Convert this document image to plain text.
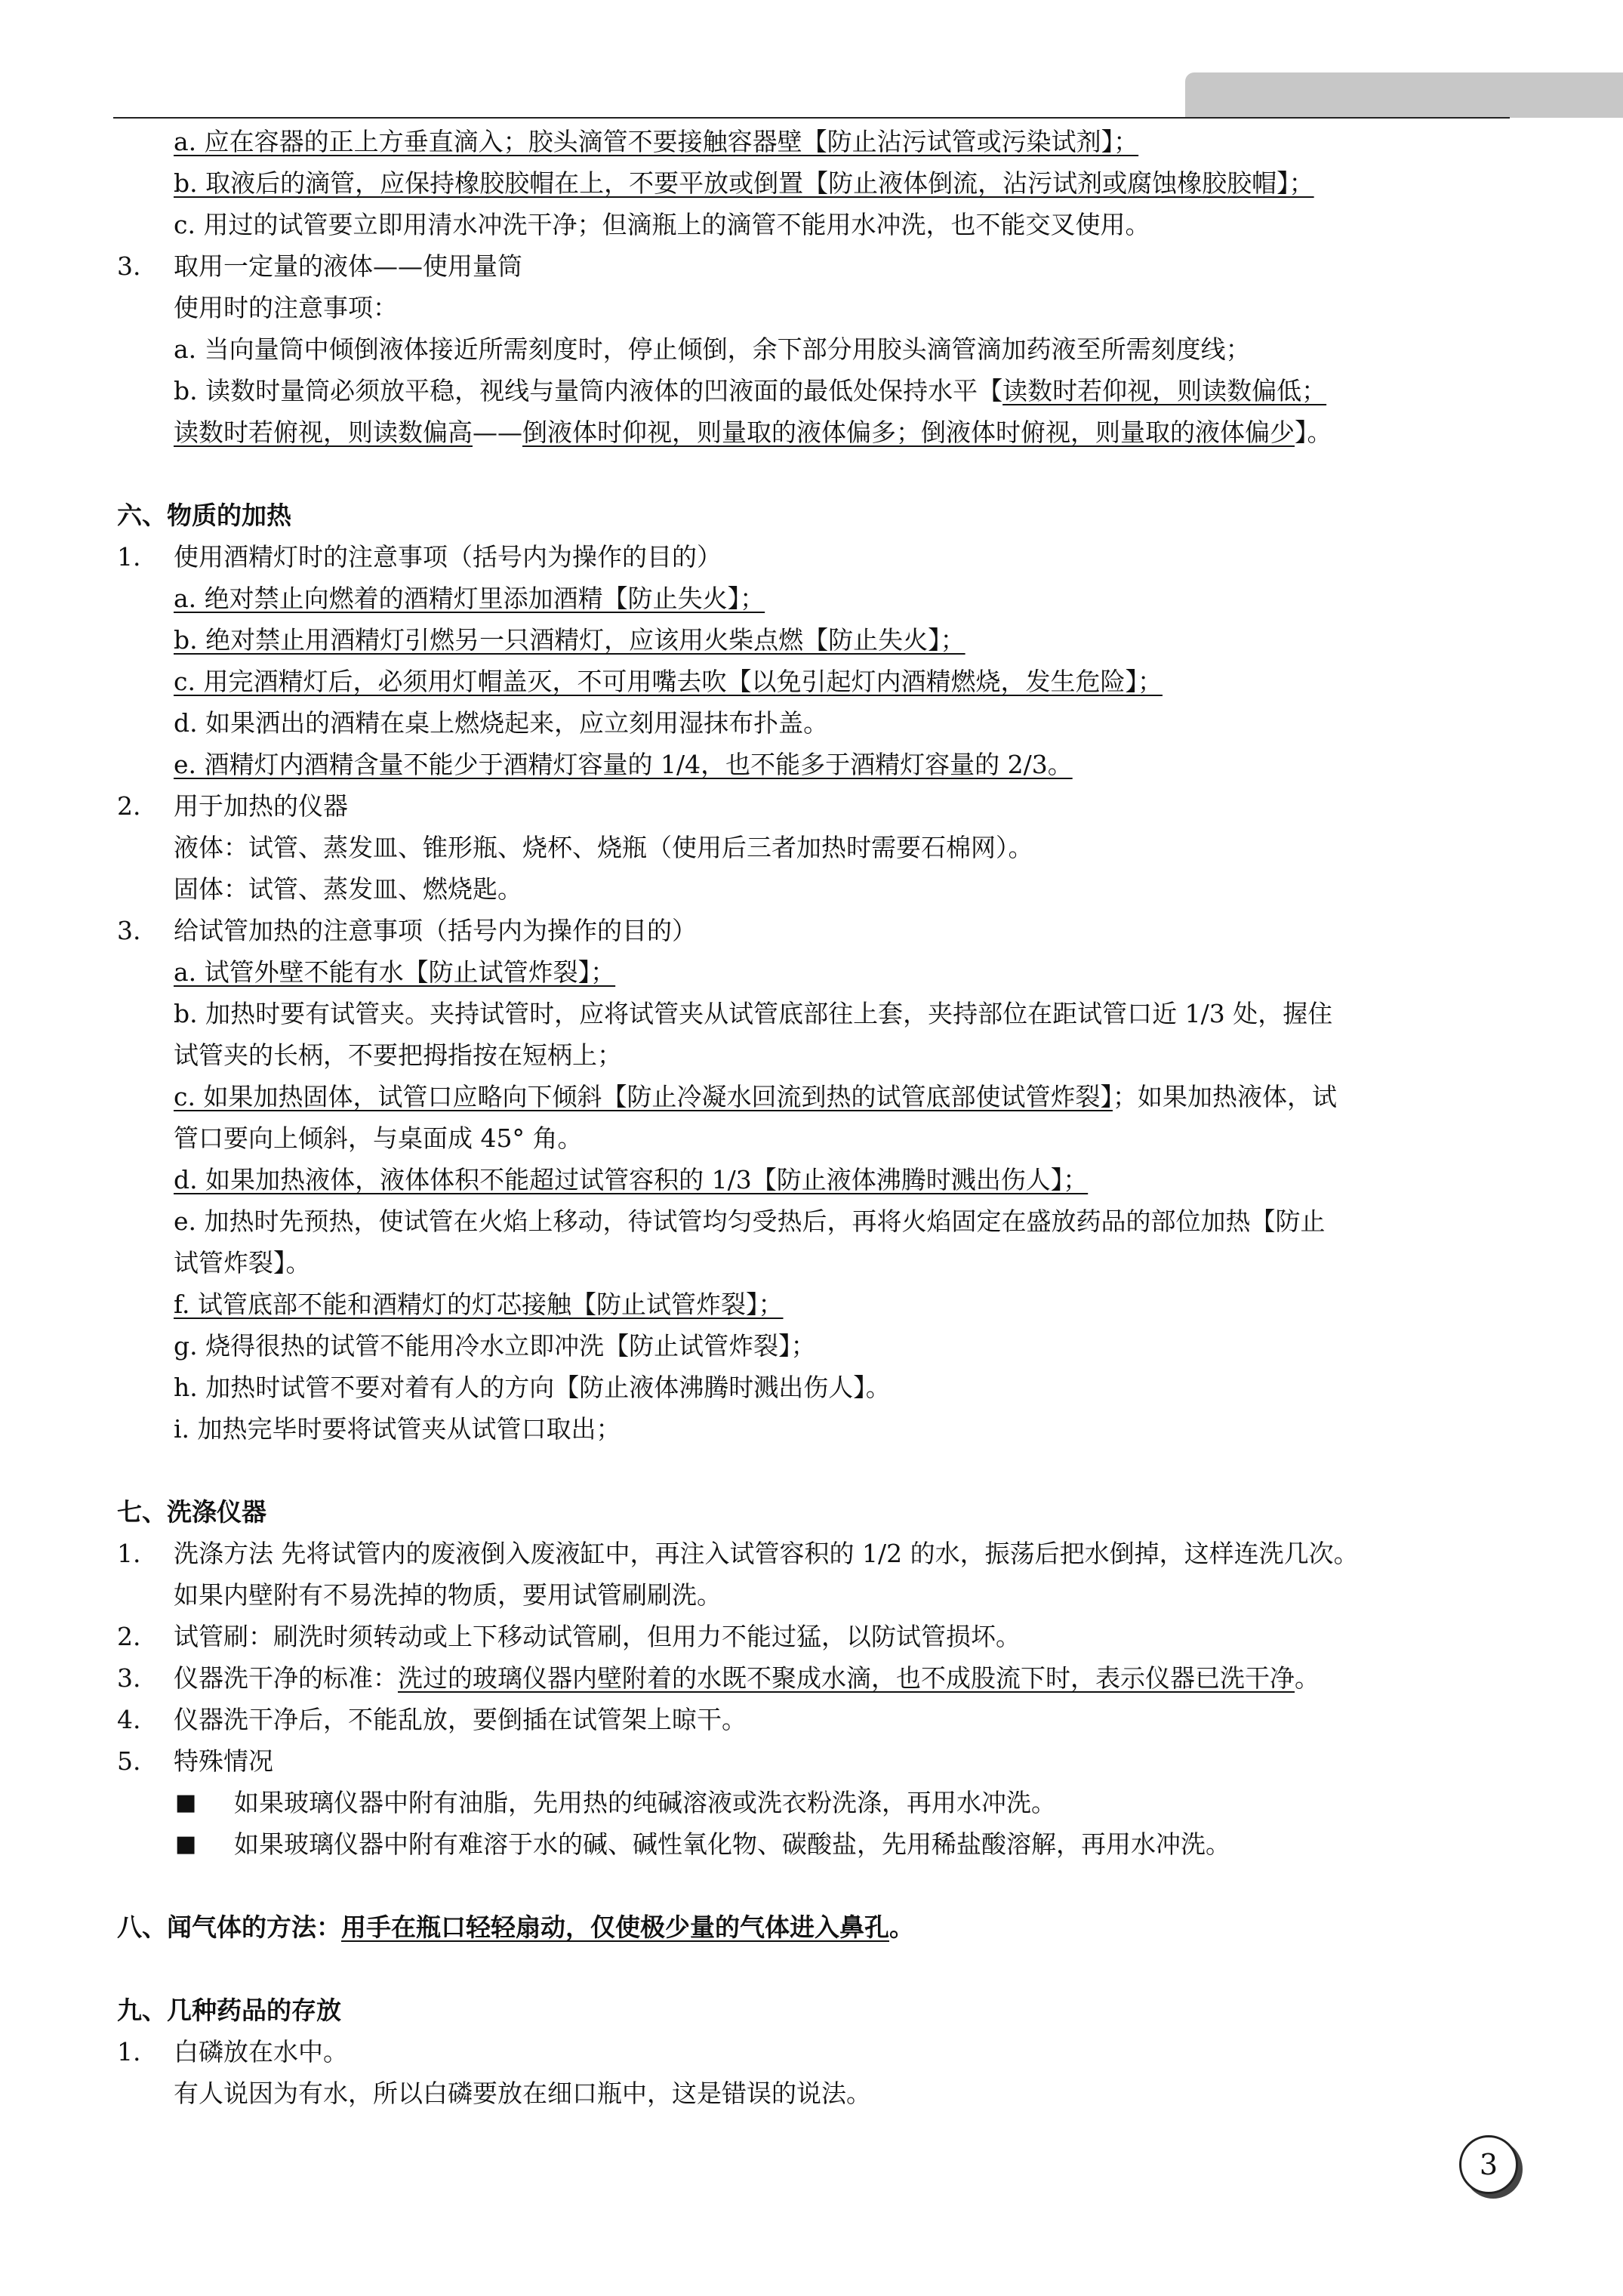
a. 应在容器的正上方垂直滴入；胶头滴管不要接触容器壁【防止沾污试管或污染试剂】；
b. 取液后的滴管，应保持橡胶胶帽在上，不要平放或倒置【防止液体倒流，沾污试剂或腐蚀橡胶胶帽】；
c. 用过的试管要立即用清水冲洗干净；但滴瓶上的滴管不能用水冲洗，也不能交叉使用。
3. 取用一定量的液体——使用量筒
使用时的注意事项：
a. 当向量筒中倾倒液体接近所需刻度时，停止倾倒，余下部分用胶头滴管滴加药液至所需刻度线；
b. 读数时量筒必须放平稳，视线与量筒内液体的凹液面的最低处保持水平【读数时若仰视，则读数偏低；
读数时若俯视，则读数偏高——倒液体时仰视，则量取的液体偏多；倒液体时俯视，则量取的液体偏少】。
六、物质的加热
1. 使用酒精灯时的注意事项（括号内为操作的目的）
a. 绝对禁止向燃着的酒精灯里添加酒精【防止失火】；
b. 绝对禁止用酒精灯引燃另一只酒精灯，应该用火柴点燃【防止失火】；
c. 用完酒精灯后，必须用灯帽盖灭，不可用嘴去吹【以免引起灯内酒精燃烧，发生危险】；
d. 如果洒出的酒精在桌上燃烧起来，应立刻用湿抹布扑盖。
e. 酒精灯内酒精含量不能少于酒精灯容量的 1/4，也不能多于酒精灯容量的 2/3。
2. 用于加热的仪器
液体：试管、蒸发皿、锥形瓶、烧杯、烧瓶（使用后三者加热时需要石棉网）。
固体：试管、蒸发皿、燃烧匙。
3. 给试管加热的注意事项（括号内为操作的目的）
a. 试管外壁不能有水【防止试管炸裂】；
b. 加热时要有试管夹。夹持试管时，应将试管夹从试管底部往上套，夹持部位在距试管口近 1/3 处，握住
试管夹的长柄，不要把拇指按在短柄上；
c. 如果加热固体，试管口应略向下倾斜【防止冷凝水回流到热的试管底部使试管炸裂】；如果加热液体，试
管口要向上倾斜，与桌面成 45° 角。
d. 如果加热液体，液体体积不能超过试管容积的 1/3【防止液体沸腾时溅出伤人】；
e. 加热时先预热，使试管在火焰上移动，待试管均匀受热后，再将火焰固定在盛放药品的部位加热【防止
试管炸裂】。
f. 试管底部不能和酒精灯的灯芯接触【防止试管炸裂】；
g. 烧得很热的试管不能用冷水立即冲洗【防止试管炸裂】；
h. 加热时试管不要对着有人的方向【防止液体沸腾时溅出伤人】。
i. 加热完毕时要将试管夹从试管口取出；
七、洗涤仪器
1. 洗涤方法 先将试管内的废液倒入废液缸中，再注入试管容积的 1/2 的水，振荡后把水倒掉，这样连洗几次。
如果内壁附有不易洗掉的物质，要用试管刷刷洗。
2. 试管刷：刷洗时须转动或上下移动试管刷，但用力不能过猛，以防试管损坏。
3. 仪器洗干净的标准：洗过的玻璃仪器内壁附着的水既不聚成水滴，也不成股流下时，表示仪器已洗干净。
4. 仪器洗干净后，不能乱放，要倒插在试管架上晾干。
5. 特殊情况
■ 如果玻璃仪器中附有油脂，先用热的纯碱溶液或洗衣粉洗涤，再用水冲洗。
■ 如果玻璃仪器中附有难溶于水的碱、碱性氧化物、碳酸盐，先用稀盐酸溶解，再用水冲洗。
八、闻气体的方法：用手在瓶口轻轻扇动，仅使极少量的气体进入鼻孔。
九、几种药品的存放
1. 白磷放在水中。
有人说因为有水，所以白磷要放在细口瓶中，这是错误的说法。
3
